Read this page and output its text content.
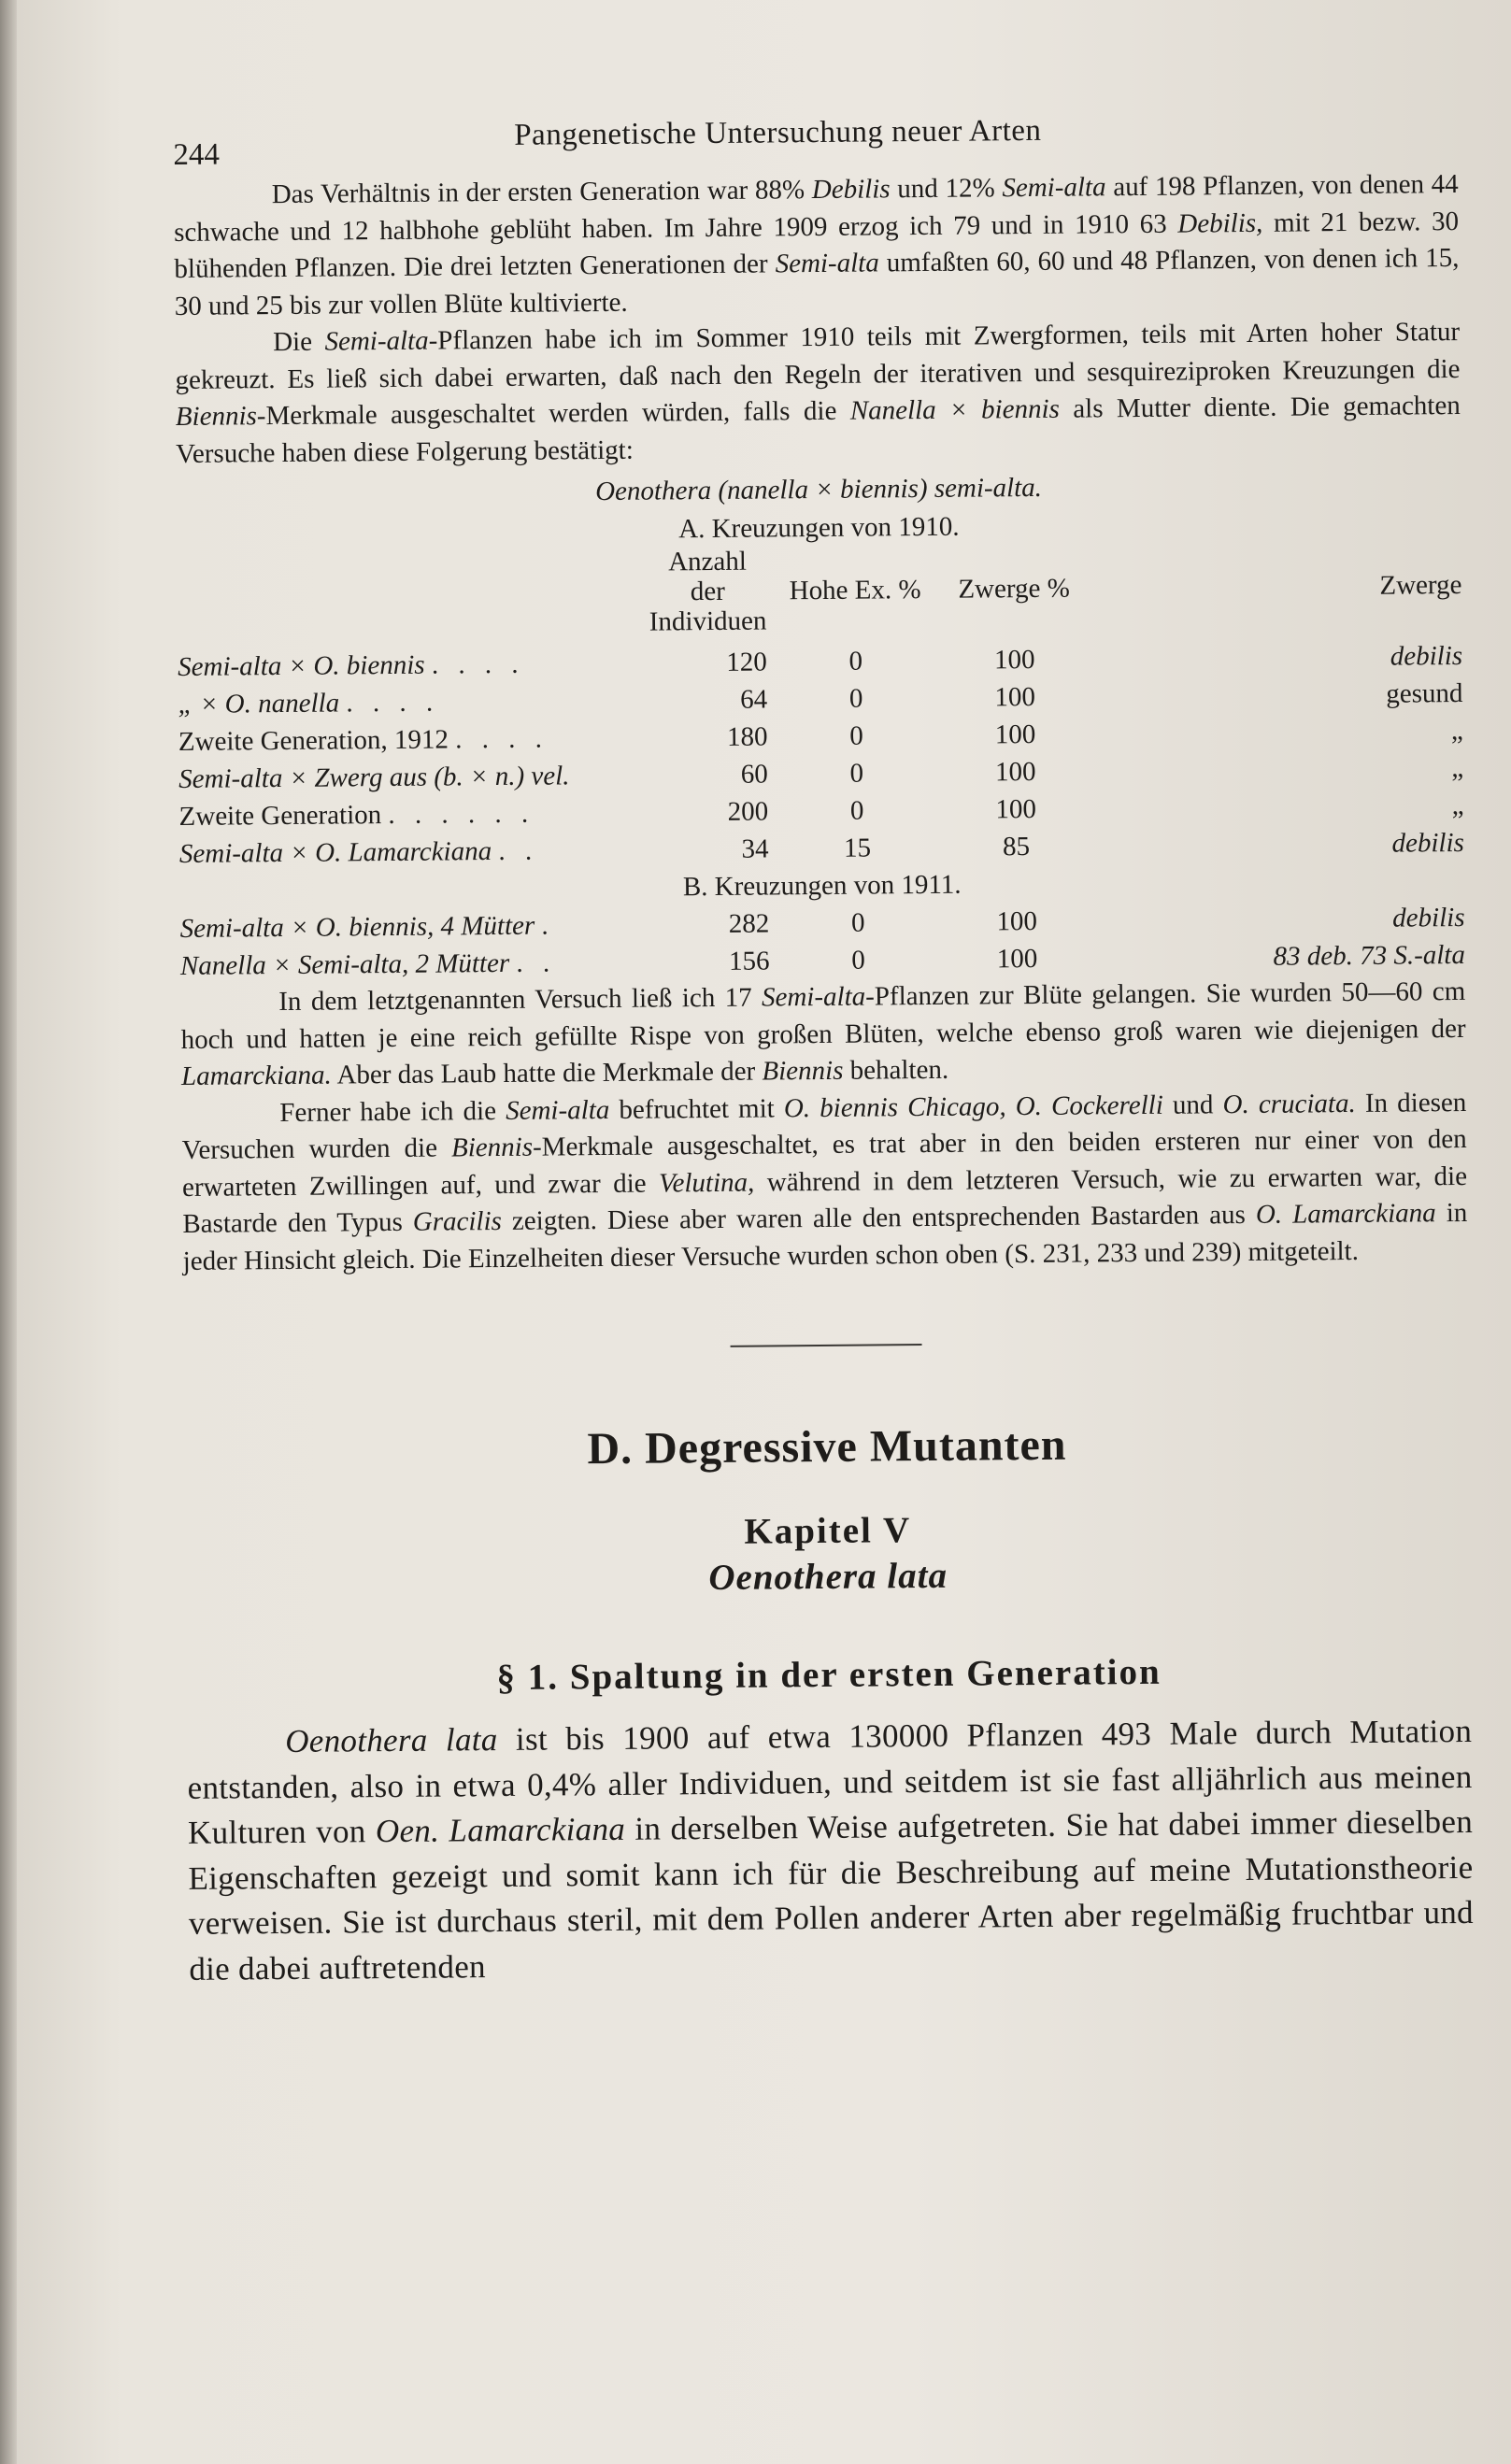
244
Pangenetische Untersuchung neuer Arten

Das Verhältnis in der ersten Generation war 88% Debilis und 12% Semi-alta auf 198 Pflanzen, von denen 44 schwache und 12 halbhohe geblüht haben. Im Jahre 1909 erzog ich 79 und in 1910 63 Debilis, mit 21 bezw. 30 blühenden Pflanzen. Die drei letzten Generationen der Semi-alta umfaßten 60, 60 und 48 Pflanzen, von denen ich 15, 30 und 25 bis zur vollen Blüte kultivierte.

Die Semi-alta-Pflanzen habe ich im Sommer 1910 teils mit Zwergformen, teils mit Arten hoher Statur gekreuzt. Es ließ sich dabei erwarten, daß nach den Regeln der iterativen und sesquireziproken Kreuzungen die Biennis-Merkmale ausgeschaltet werden würden, falls die Nanella × biennis als Mutter diente. Die gemachten Versuche haben diese Folgerung bestätigt:

Oenothera (nanella × biennis) semi-alta.
A. Kreuzungen von 1910.
	Anzahl der Individuen	Hohe Ex. %	Zwerge %	Zwerge
Semi-alta × O. biennis . . . .	120	0	100	debilis
„ × O. nanella . . . .	64	0	100	gesund
Zweite Generation, 1912 . . . .	180	0	100	„
Semi-alta × Zwerg aus (b. × n.) vel.	60	0	100	„
Zweite Generation . . . . . .	200	0	100	„
Semi-alta × O. Lamarckiana . .	34	15	85	debilis
B. Kreuzungen von 1911.				
Semi-alta × O. biennis, 4 Mütter .	282	0	100	debilis
Nanella × Semi-alta, 2 Mütter . .	156	0	100	83 deb. 73 S.-alta

In dem letztgenannten Versuch ließ ich 17 Semi-alta-Pflanzen zur Blüte gelangen. Sie wurden 50—60 cm hoch und hatten je eine reich gefüllte Rispe von großen Blüten, welche ebenso groß waren wie diejenigen der Lamarckiana. Aber das Laub hatte die Merkmale der Biennis behalten.

Ferner habe ich die Semi-alta befruchtet mit O. biennis Chicago, O. Cockerelli und O. cruciata. In diesen Versuchen wurden die Biennis-Merkmale ausgeschaltet, es trat aber in den beiden ersteren nur einer von den erwarteten Zwillingen auf, und zwar die Velutina, während in dem letzteren Versuch, wie zu erwarten war, die Bastarde den Typus Gracilis zeigten. Diese aber waren alle den entsprechenden Bastarden aus O. Lamarckiana in jeder Hinsicht gleich. Die Einzelheiten dieser Versuche wurden schon oben (S. 231, 233 und 239) mitgeteilt.

D. Degressive Mutanten
Kapitel V
Oenothera lata
§ 1. Spaltung in der ersten Generation

Oenothera lata ist bis 1900 auf etwa 130000 Pflanzen 493 Male durch Mutation entstanden, also in etwa 0,4% aller Individuen, und seitdem ist sie fast alljährlich aus meinen Kulturen von Oen. Lamarckiana in derselben Weise aufgetreten. Sie hat dabei immer dieselben Eigenschaften gezeigt und somit kann ich für die Beschreibung auf meine Mutationstheorie verweisen. Sie ist durchaus steril, mit dem Pollen anderer Arten aber regelmäßig fruchtbar und die dabei auftretenden
